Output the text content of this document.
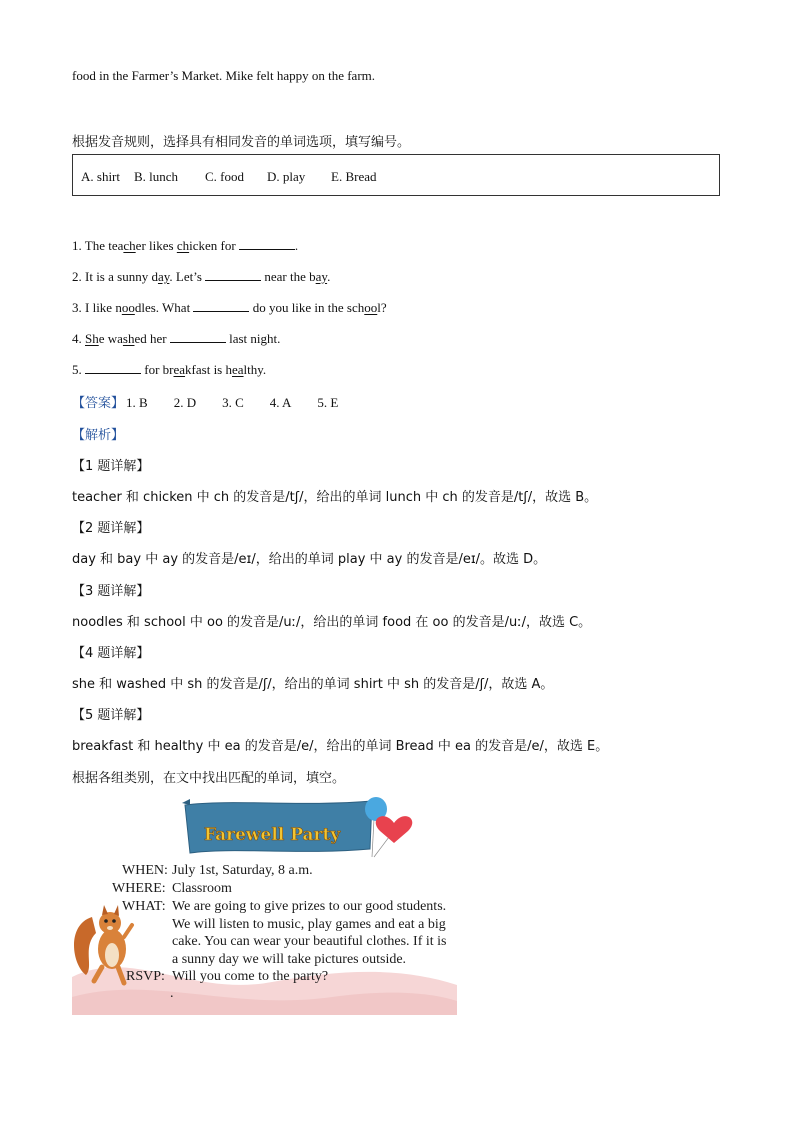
food in the Farmer’s Market. Mike felt happy on the farm.
根据发音规则，选择具有相同发音的单词选项，填写编号。
A. shirt B. lunch C. food D. play E. Bread
1. The teacher likes chicken for	.
2. It is a sunny day. Let’s	near the bay.
3. I like noodles. What	do you like in the school?
4. She washed her	last night.
5.	for breakfast is healthy.
【答案】 1. B 2. D 3. C 4. A 5. E
【解析】
【1 题详解】
teacher 和 chicken 中 ch 的发音是/tʃ/，给出的单词 lunch 中 ch 的发音是/tʃ/，故选 B。
【2 题详解】
day 和 bay 中 ay 的发音是/eɪ/，给出的单词 play 中 ay 的发音是/eɪ/。故选 D。
【3 题详解】
noodles 和 school 中 oo 的发音是/uː/，给出的单词 food 在 oo 的发音是/uː/，故选 C。
【4 题详解】
she 和 washed 中 sh 的发音是/ʃ/，给出的单词 shirt 中 sh 的发音是/ʃ/，故选 A。
【5 题详解】
breakfast 和 healthy 中 ea 的发音是/e/，给出的单词 Bread 中 ea 的发音是/e/，故选 E。
根据各组类别，在文中找出匹配的单词，填空。
Farewell Party
WHEN: July 1st, Saturday, 8 a.m.
WHERE: Classroom
WHAT: We are going to give prizes to our good students.
We will listen to music, play games and eat a big
cake. You can wear your beautiful clothes. If it is
a sunny day we will take pictures outside.
RSVP: Will you come to the party?
.
